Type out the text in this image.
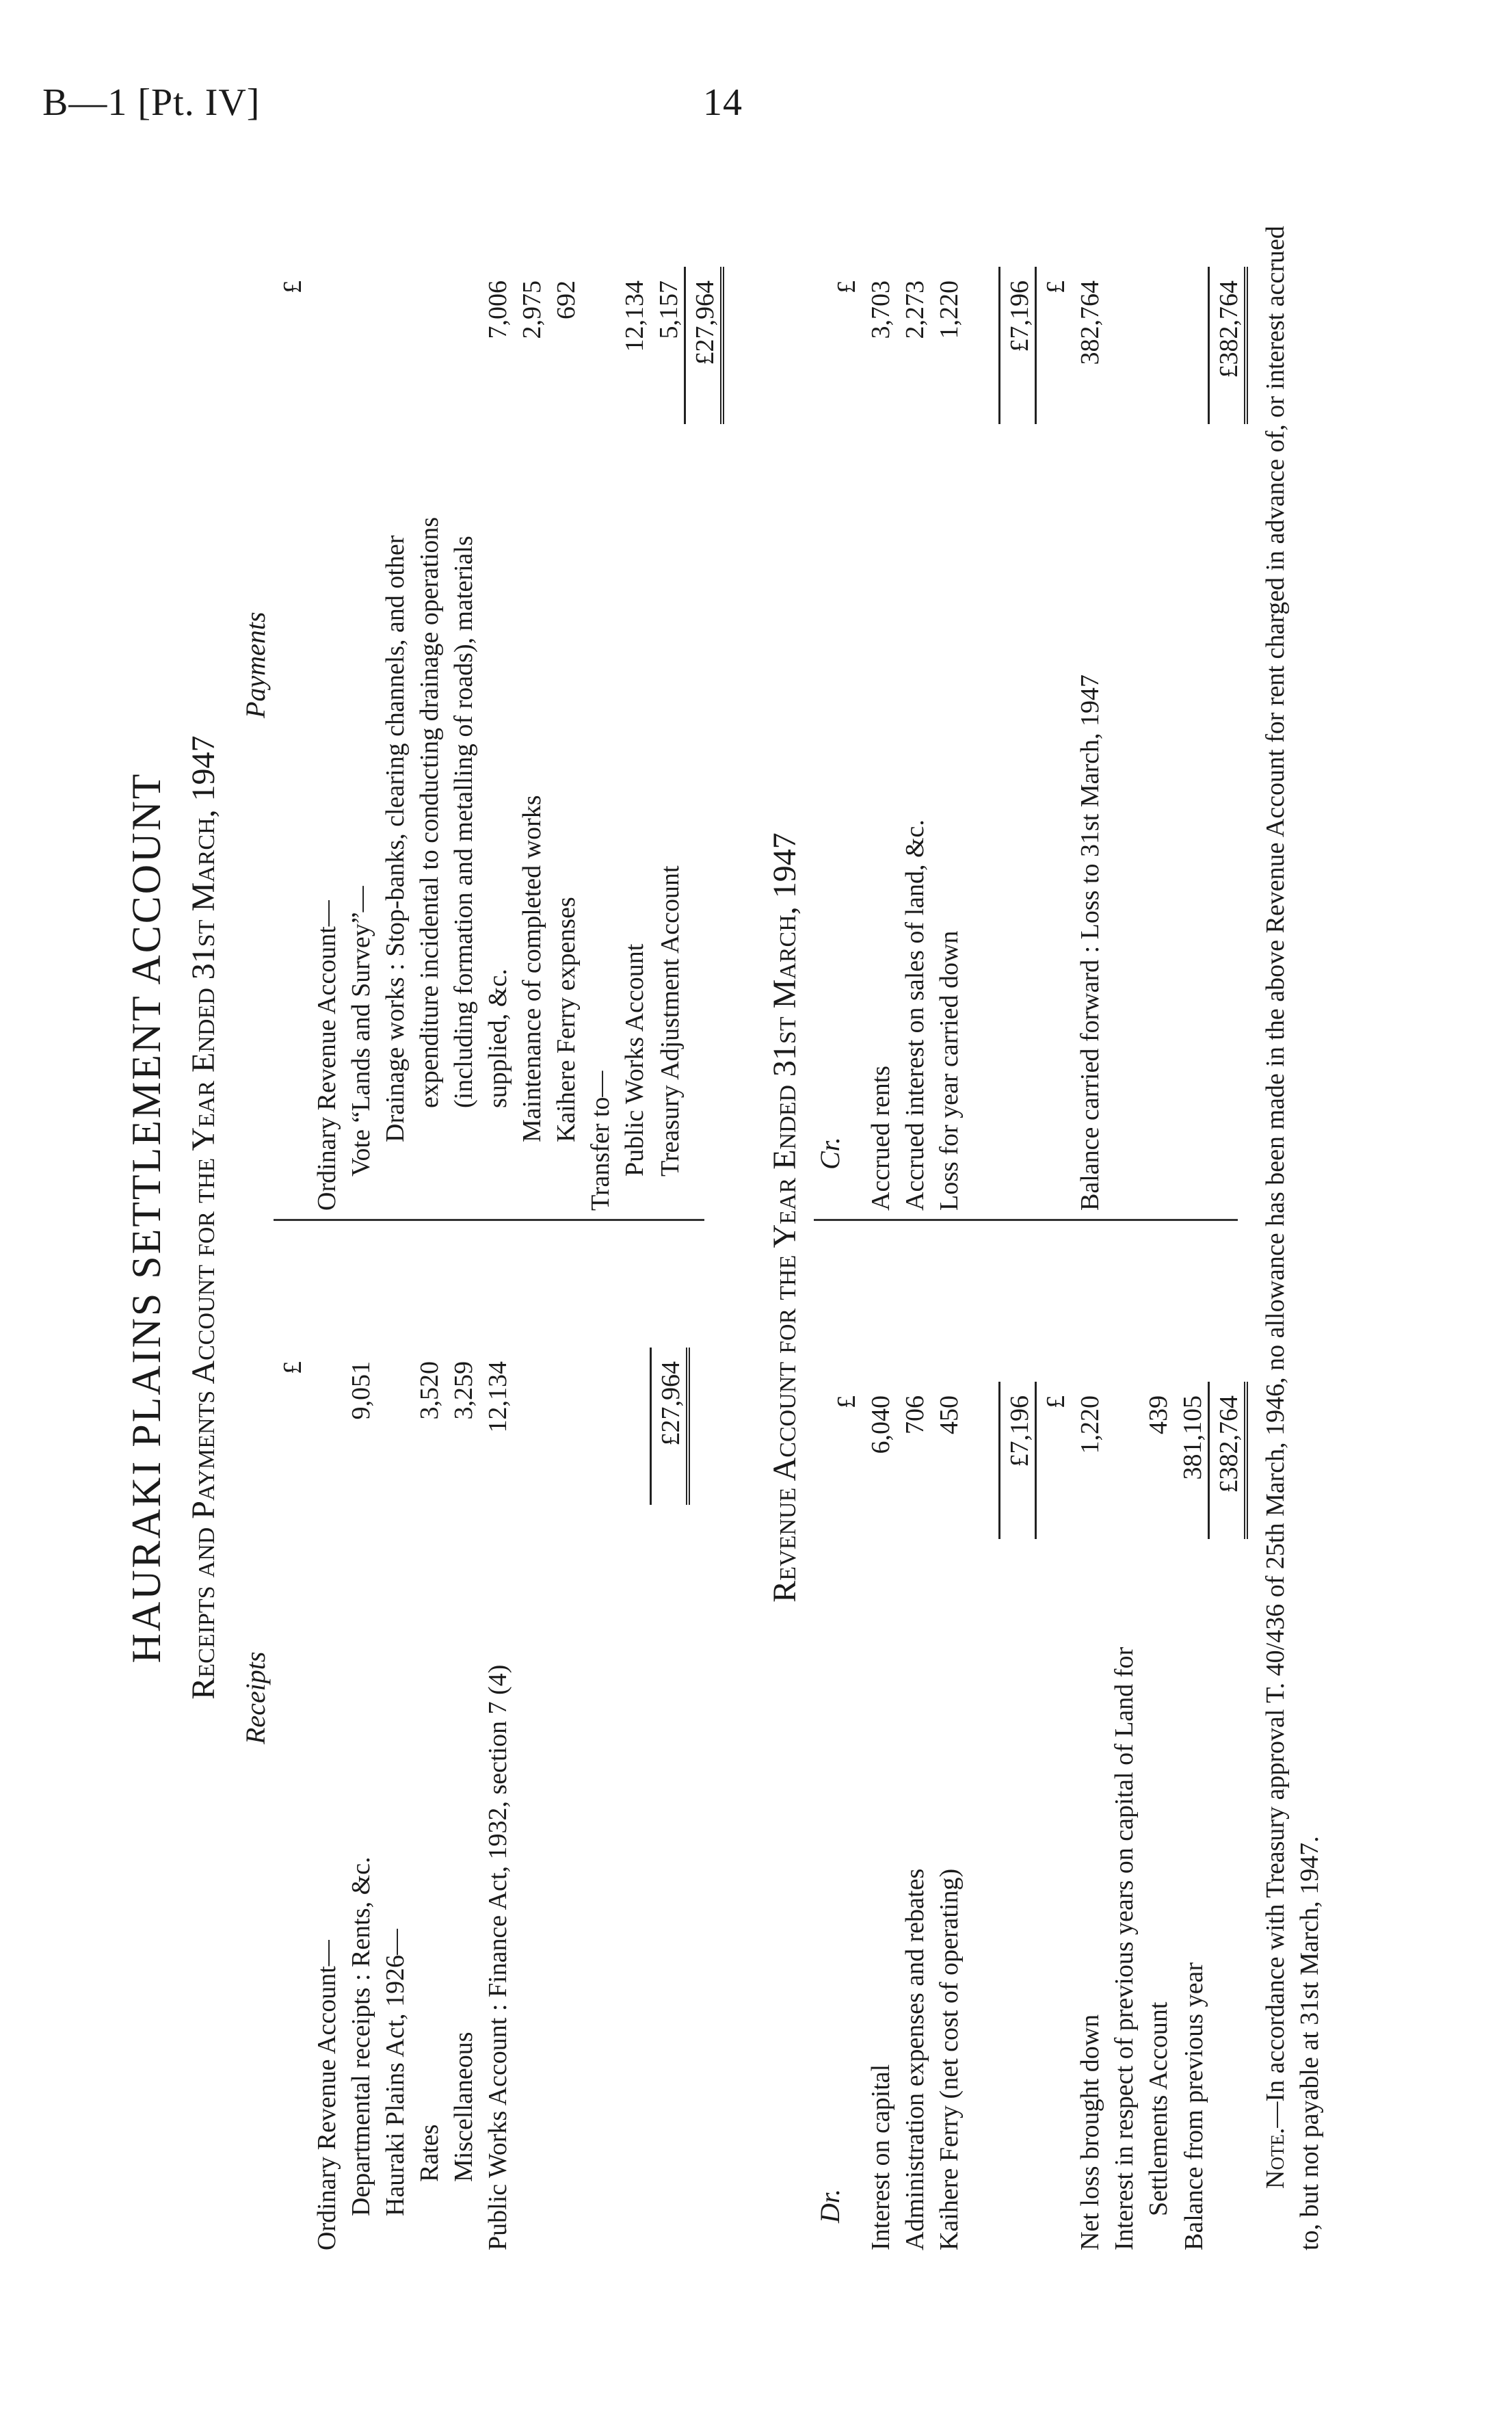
B—1 [Pt. IV]	14
HAURAKI PLAINS SETTLEMENT ACCOUNT Receipts and Payments Account for the Year Ended 31st March, 1947 Receipts
Payments
	£
Ordinary Revenue Account—	
Departmental receipts : Rents, &c.	9,051
Hauraki Plains Act, 1926—	
Rates	3,520
Miscellaneous	3,259
Public Works Account : Finance Act, 1932, section 7 (4)	12,134

	£27,964
	£
Ordinary Revenue Account—	
Vote “Lands and Survey”—	
Drainage works : Stop-banks, clearing channels, and other	
expenditure incidental to conducting drainage operations	
(including formation and metalling of roads), materials	
supplied, &c.	7,006
Maintenance of completed works	2,975
Kaihere Ferry expenses	692
Transfer to—	
Public Works Account	12,134
Treasury Adjustment Account	5,157
	£27,964
Revenue Account for the Year Ended 31st March, 1947
Dr.
Cr.
	£
Interest on capital	6,040
Administration expenses and rebates	706
Kaihere Ferry (net cost of operating)	450

	£7,196
	£
Net loss brought down	1,220
Interest in respect of previous years on capital of Land for	
Settlements Account	439
Balance from previous year	381,105
	£382,764
	£
Accrued rents	3,703
Accrued interest on sales of land, &c.	2,273
Loss for year carried down	1,220

	£7,196
	£
Balance carried forward : Loss to 31st March, 1947	382,764

	£382,764
Note.—In accordance with Treasury approval T. 40/436 of 25th March, 1946, no allowance has been made in the above Revenue Account for rent charged in advance of, or interest accrued to, but not payable at 31st March, 1947.
